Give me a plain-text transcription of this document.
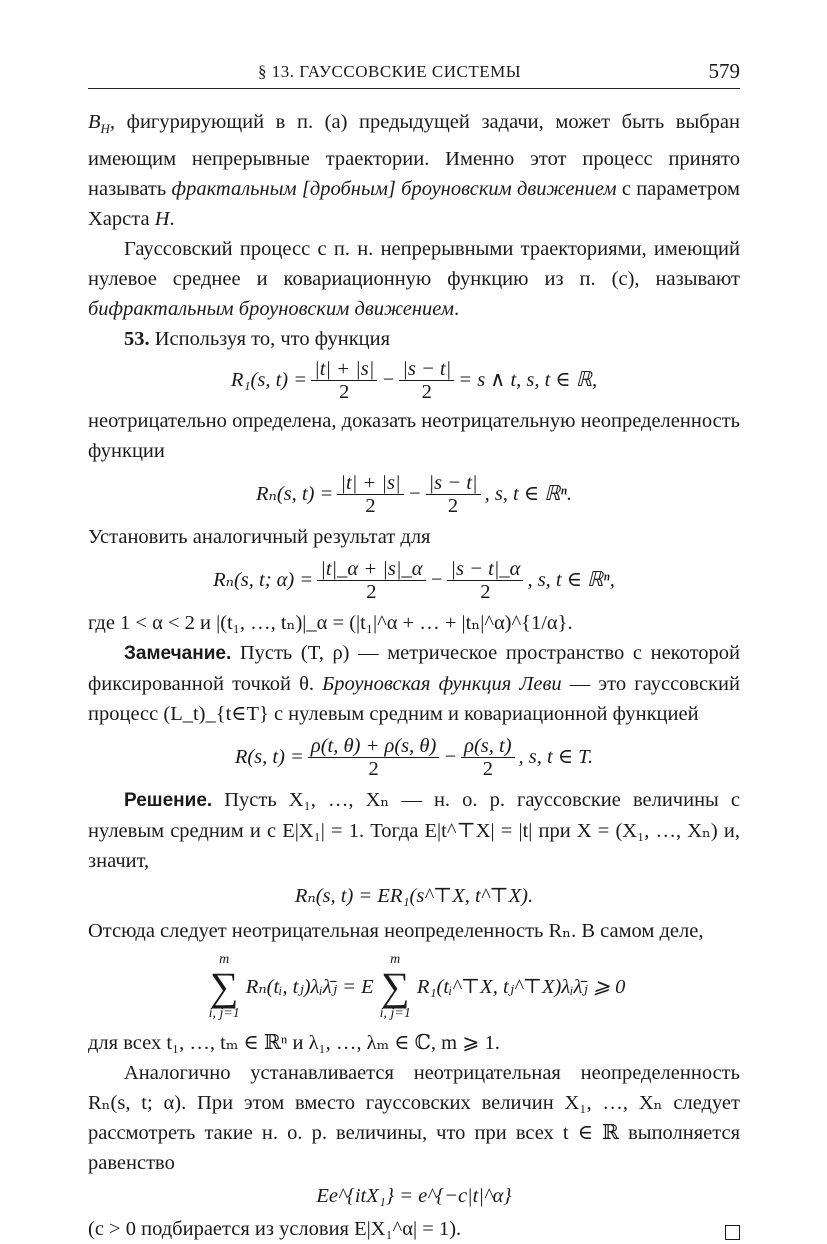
§ 13. ГАУССОВСКИЕ СИСТЕМЫ	579

$B_H$, фигурирующий в п. (a) предыдущей задачи, может быть выбран имеющим непрерывные траектории. Именно этот процесс принято называть фрактальным [дробным] броуновским движением с параметром Харста H.

Гауссовский процесс с п. н. непрерывными траекториями, имеющий нулевое среднее и ковариационную функцию из п. (c), называют бифрактальным броуновским движением.

53. Используя то, что функция

R₁(s, $t) = \frac{|t| + |s|}{2} - \frac{|s - t|}{2} = s$ ∧ t, s, t ∈ ℝ,

неотрицательно определена, доказать неотрицательную неопределенность функции

Rₙ(s, $t) = \frac{|t| + |s|}{2} - \frac{|s - t|}{2}$ , s, t ∈ ℝⁿ.

Установить аналогичный результат для

Rₙ(s, t; $\alpha) = \frac{|t|\_\alpha + |s|\_\alpha}{2} - \frac{|s - t|\_\alpha}{2}$ , s, t ∈ ℝⁿ,

где 1 < α < 2 и |(t₁, …, tₙ)|_α = (|t₁|^α + … + |tₙ|^α)^{1/α}.

Замечание. Пусть (T, ρ) — метрическое пространство с некоторой фиксированной точкой θ. Броуновская функция Леви — это гауссовский процесс (L_t)_{t∈T} с нулевым средним и ковариационной функцией

R(s, $t) = \frac{\rho(t, \theta) + \rho(s, \theta)}{2} - \frac{\rho(s, t)}{2}$ , s, t ∈ T.

Решение. Пусть X₁, …, Xₙ — н. о. р. гауссовские величины с нулевым средним и с E|X₁| = 1. Тогда E|t^⊤X| = |t| при X = (X₁, …, Xₙ) и, значит,

Rₙ(s, t) = ER₁(s^⊤X, t^⊤X).

Отсюда следует неотрицательная неопределенность Rₙ. В самом деле,

m
∑
i, j=1
Rₙ(tᵢ, tⱼ)λᵢλ̄ⱼ = E
m
∑
i, j=1
R₁(tᵢ^⊤X, tⱼ^⊤X)λᵢλ̄ⱼ ⩾ 0

для всех t₁, …, tₘ ∈ ℝⁿ и λ₁, …, λₘ ∈ ℂ, m ⩾ 1.

Аналогично устанавливается неотрицательная неопределенность Rₙ(s, t; α). При этом вместо гауссовских величин X₁, …, Xₙ следует рассмотреть такие н. о. р. величины, что при всех t ∈ ℝ выполняется равенство

Ee^{itX₁} = e^{−c|t|^α}

(c > 0 подбирается из условия E|X₁^α| = 1).
